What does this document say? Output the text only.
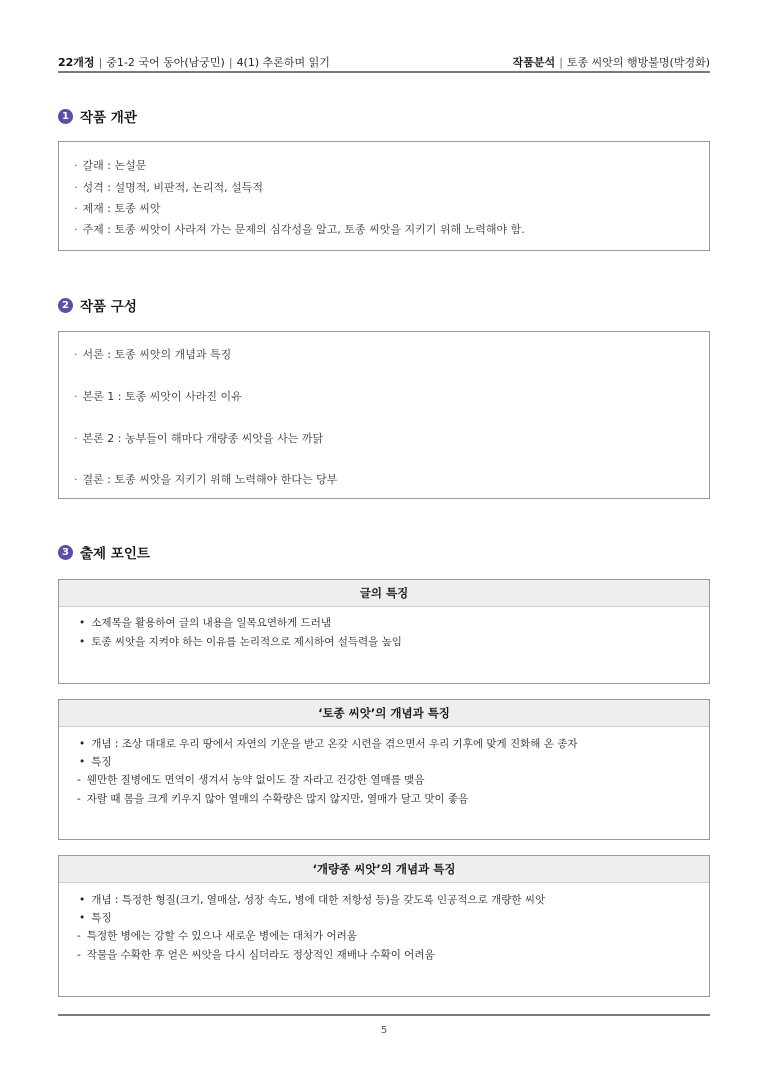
22개정 | 중1-2 국어 동아(남궁민) | 4(1) 추론하며 읽기	작품분석 | 토종 씨앗의 행방불명(박경화)
1 작품 개관
· 갈래 : 논설문
· 성격 : 설명적, 비판적, 논리적, 설득적
· 제재 : 토종 씨앗
· 주제 : 토종 씨앗이 사라져 가는 문제의 심각성을 알고, 토종 씨앗을 지키기 위해 노력해야 함.
2 작품 구성
· 서론 : 토종 씨앗의 개념과 특징
· 본론 1 : 토종 씨앗이 사라진 이유
· 본론 2 : 농부들이 해마다 개량종 씨앗을 사는 까닭
· 결론 : 토종 씨앗을 지키기 위해 노력해야 한다는 당부
3 출제 포인트
글의 특징
• 소제목을 활용하여 글의 내용을 일목요연하게 드러냄
• 토종 씨앗을 지켜야 하는 이유를 논리적으로 제시하여 설득력을 높임
‘토종 씨앗’의 개념과 특징
• 개념 : 조상 대대로 우리 땅에서 자연의 기운을 받고 온갖 시련을 겪으면서 우리 기후에 맞게 진화해 온 종자
• 특징
- 웬만한 질병에도 면역이 생겨서 농약 없이도 잘 자라고 건강한 열매를 맺음
- 자랄 때 몸을 크게 키우지 않아 열매의 수확량은 많지 않지만, 열매가 달고 맛이 좋음
‘개량종 씨앗’의 개념과 특징
• 개념 : 특정한 형질(크기, 열매살, 성장 속도, 병에 대한 저항성 등)을 갖도록 인공적으로 개량한 씨앗
• 특징
- 특정한 병에는 강할 수 있으나 새로운 병에는 대처가 어려움
- 작물을 수확한 후 얻은 씨앗을 다시 심더라도 정상적인 재배나 수확이 어려움
5
